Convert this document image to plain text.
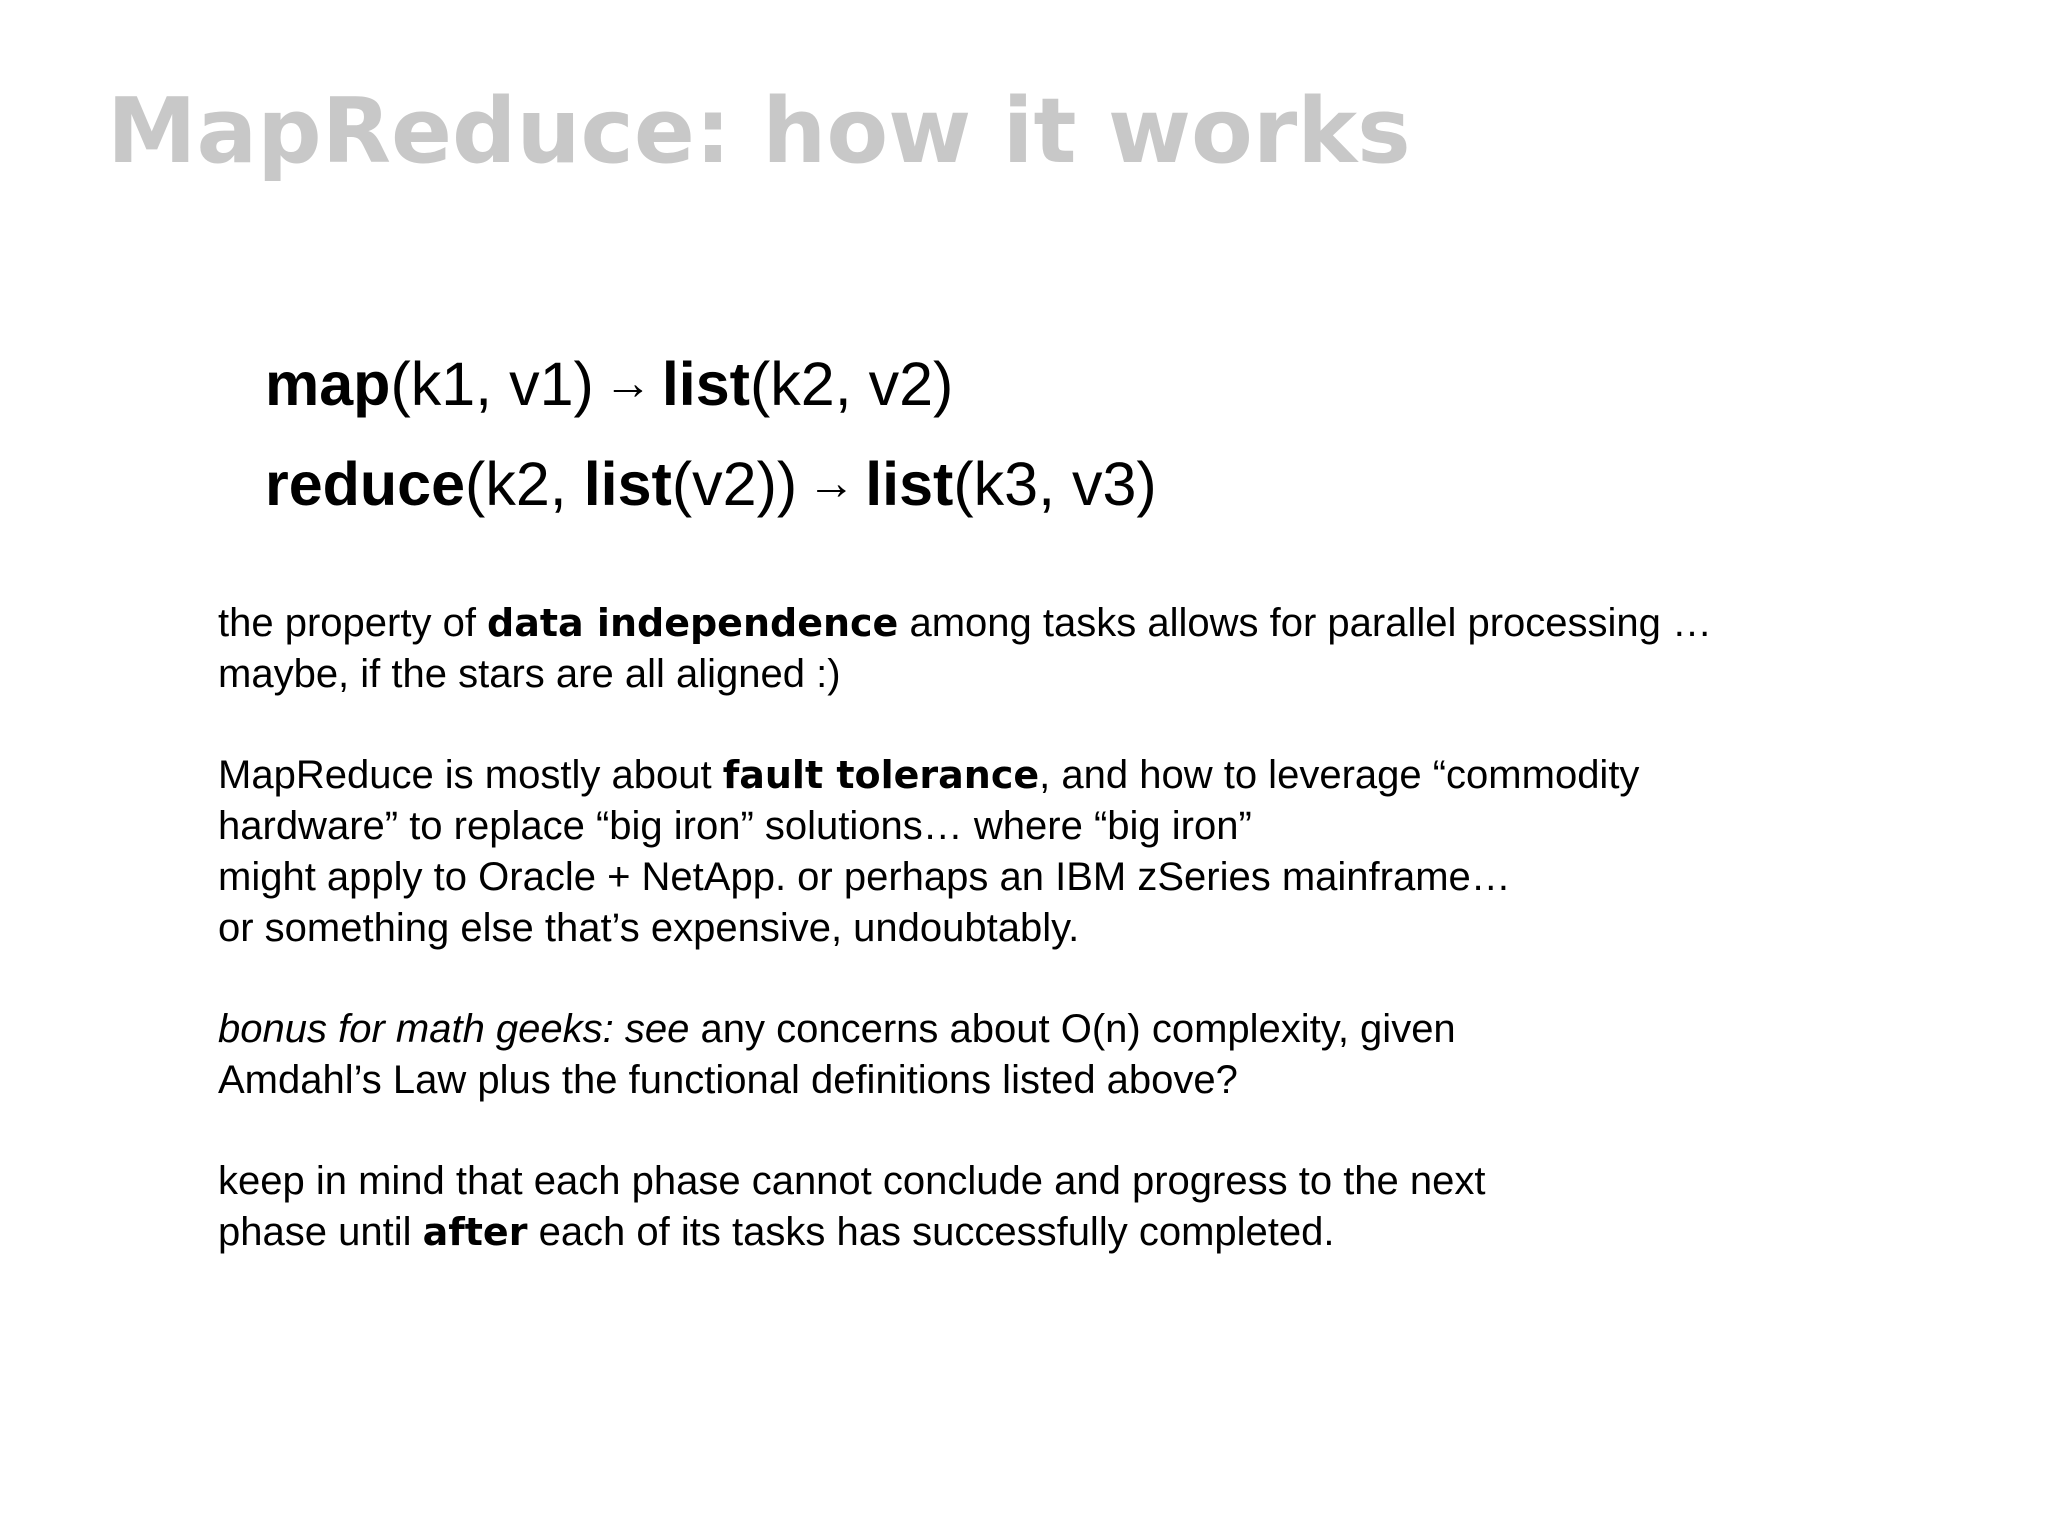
MapReduce: how it works
map(k1, v1) → list(k2, v2)
reduce(k2, list(v2)) → list(k3, v3)
the property of data independence among tasks allows for parallel processing …
maybe, if the stars are all aligned :)
MapReduce is mostly about fault tolerance, and how to leverage “commodity
hardware” to replace “big iron” solutions… where “big iron”
might apply to Oracle + NetApp. or perhaps an IBM zSeries mainframe…
or something else that’s expensive, undoubtably.
bonus for math geeks: see any concerns about O(n) complexity, given
Amdahl’s Law plus the functional definitions listed above?
keep in mind that each phase cannot conclude and progress to the next
phase until after each of its tasks has successfully completed.
